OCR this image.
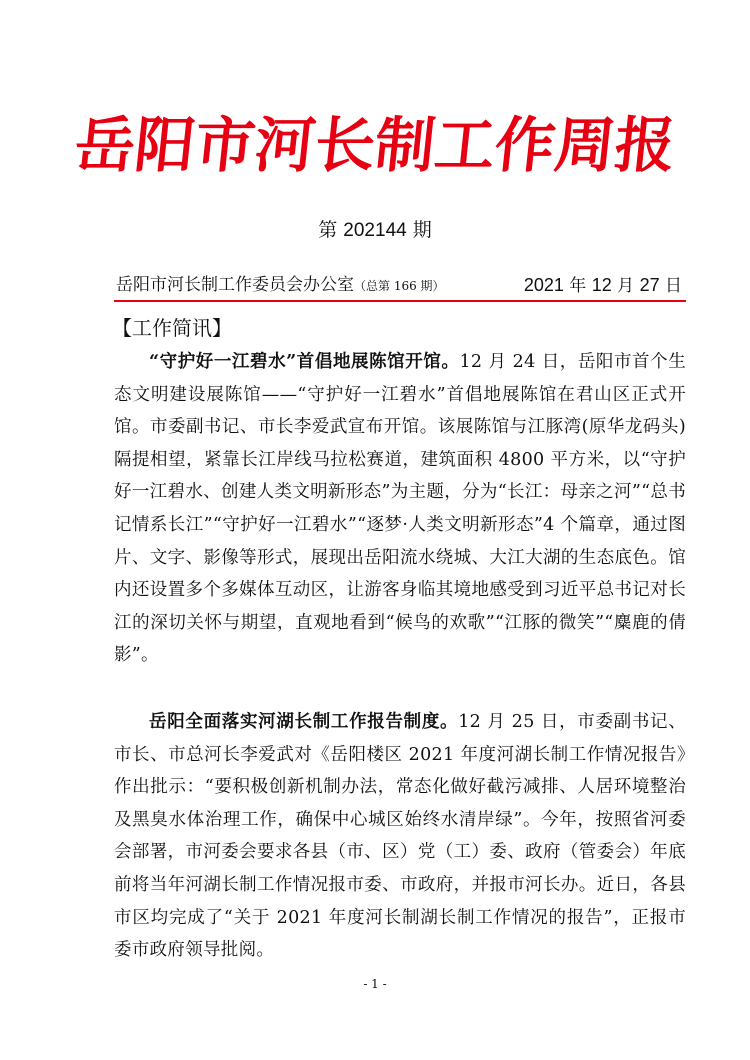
岳阳市河长制工作周报
第 202144 期
岳阳市河长制工作委员会办公室（总第 166 期）	2021 年 12 月 27 日
【工作简讯】

“守护好一江碧水”首倡地展陈馆开馆。12 月 24 日，岳阳市首个生态文明建设展陈馆——“守护好一江碧水”首倡地展陈馆在君山区正式开馆。市委副书记、市长李爱武宣布开馆。该展陈馆与江豚湾(原华龙码头)隔提相望，紧靠长江岸线马拉松赛道，建筑面积 4800 平方米，以“守护好一江碧水、创建人类文明新形态”为主题，分为“长江：母亲之河”“总书记情系长江”“守护好一江碧水”“逐梦·人类文明新形态”4 个篇章，通过图片、文字、影像等形式，展现出岳阳流水绕城、大江大湖的生态底色。馆内还设置多个多媒体互动区，让游客身临其境地感受到习近平总书记对长江的深切关怀与期望，直观地看到“候鸟的欢歌”“江豚的微笑”“麋鹿的倩影”。

岳阳全面落实河湖长制工作报告制度。12 月 25 日，市委副书记、市长、市总河长李爱武对《岳阳楼区 2021 年度河湖长制工作情况报告》作出批示：“要积极创新机制办法，常态化做好截污减排、人居环境整治及黑臭水体治理工作，确保中心城区始终水清岸绿”。今年，按照省河委会部署，市河委会要求各县（市、区）党（工）委、政府（管委会）年底前将当年河湖长制工作情况报市委、市政府，并报市河长办。近日，各县市区均完成了“关于 2021 年度河长制湖长制工作情况的报告”，正报市委市政府领导批阅。

- 1 -
